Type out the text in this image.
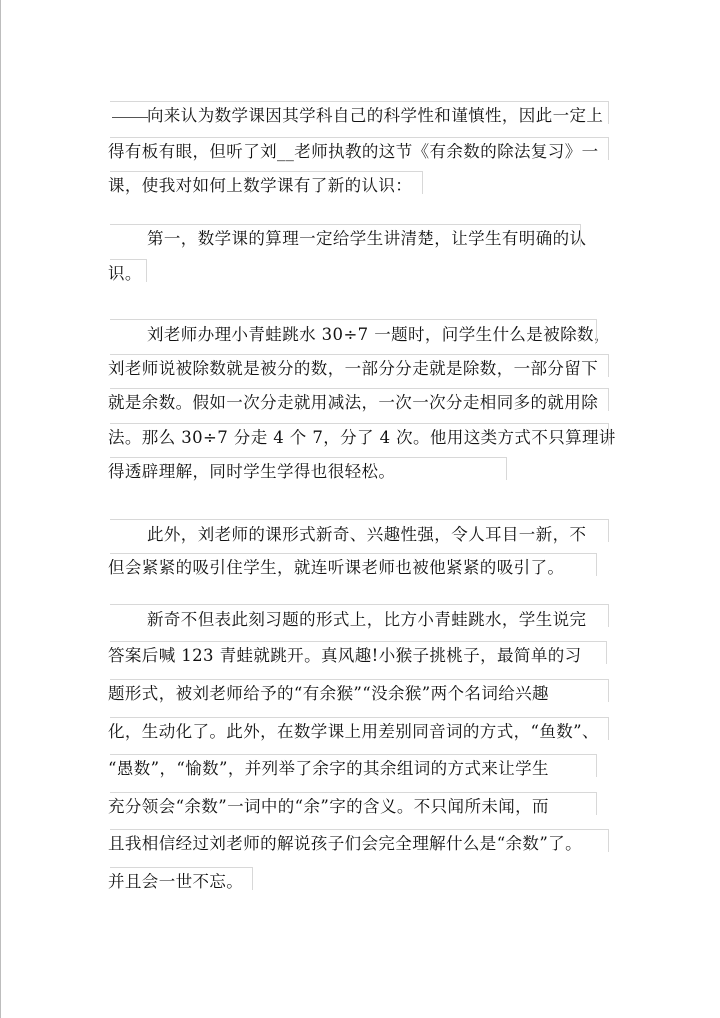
向来认为数学课因其学科自己的科学性和谨慎性，因此一定上
得有板有眼，但听了刘__老师执教的这节《有余数的除法复习》一
课，使我对如何上数学课有了新的认识：
第一，数学课的算理一定给学生讲清楚，让学生有明确的认
识。
刘老师办理小青蛙跳水 30÷7 一题时，问学生什么是被除数，
刘老师说被除数就是被分的数，一部分分走就是除数，一部分留下
就是余数。假如一次分走就用减法，一次一次分走相同多的就用除
法。那么 30÷7 分走 4 个 7，分了 4 次。他用这类方式不只算理讲
得透辟理解，同时学生学得也很轻松。
此外，刘老师的课形式新奇、兴趣性强，令人耳目一新，不
但会紧紧的吸引住学生，就连听课老师也被他紧紧的吸引了。
新奇不但表此刻习题的形式上，比方小青蛙跳水，学生说完
答案后喊 123 青蛙就跳开。真风趣!小猴子挑桃子，最简单的习
题形式，被刘老师给予的“有余猴”“没余猴”两个名词给兴趣
化，生动化了。此外，在数学课上用差别同音词的方式，“鱼数”、
“愚数”，“愉数”，并列举了余字的其余组词的方式来让学生
充分领会“余数”一词中的“余”字的含义。不只闻所未闻，而
且我相信经过刘老师的解说孩子们会完全理解什么是“余数”了。
并且会一世不忘。
